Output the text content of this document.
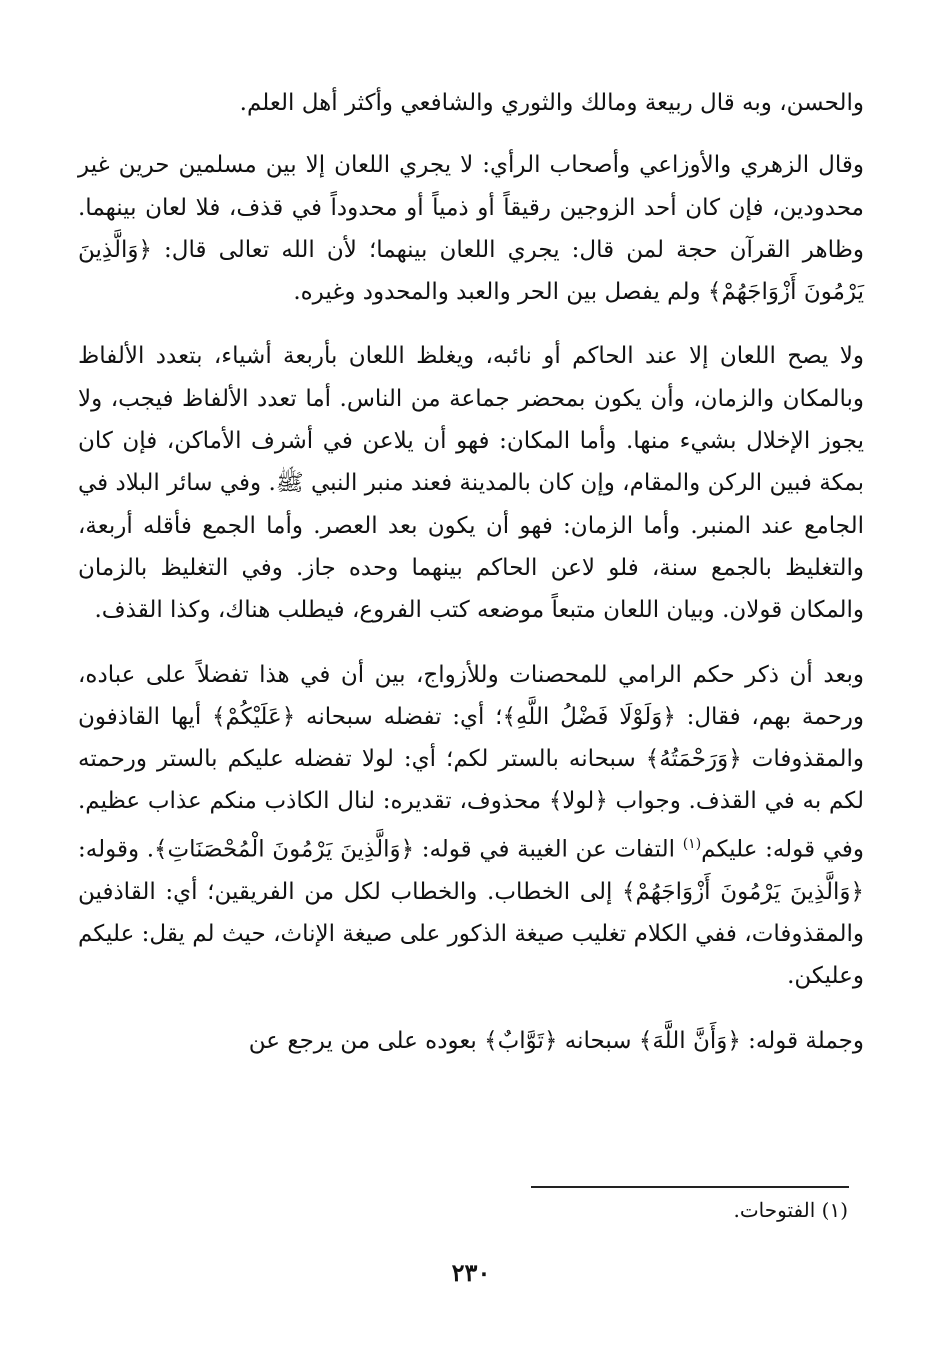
والحسن، وبه قال ربيعة ومالك والثوري والشافعي وأكثر أهل العلم.

وقال الزهري والأوزاعي وأصحاب الرأي: لا يجري اللعان إلا بين مسلمين حرين غير محدودين، فإن كان أحد الزوجين رقيقاً أو ذمياً أو محدوداً في قذف، فلا لعان بينهما. وظاهر القرآن حجة لمن قال: يجري اللعان بينهما؛ لأن الله تعالى قال: ﴿وَالَّذِينَ يَرْمُونَ أَزْوَاجَهُمْ﴾ ولم يفصل بين الحر والعبد والمحدود وغيره.

ولا يصح اللعان إلا عند الحاكم أو نائبه، ويغلظ اللعان بأربعة أشياء، بتعدد الألفاظ وبالمكان والزمان، وأن يكون بمحضر جماعة من الناس. أما تعدد الألفاظ فيجب، ولا يجوز الإخلال بشيء منها. وأما المكان: فهو أن يلاعن في أشرف الأماكن، فإن كان بمكة فبين الركن والمقام، وإن كان بالمدينة فعند منبر النبي ﷺ. وفي سائر البلاد في الجامع عند المنبر. وأما الزمان: فهو أن يكون بعد العصر. وأما الجمع فأقله أربعة، والتغليظ بالجمع سنة، فلو لاعن الحاكم بينهما وحده جاز. وفي التغليظ بالزمان والمكان قولان. وبيان اللعان متبعاً موضعه كتب الفروع، فيطلب هناك، وكذا القذف.

وبعد أن ذكر حكم الرامي للمحصنات وللأزواج، بين أن في هذا تفضلاً على عباده، ورحمة بهم، فقال: ﴿وَلَوْلَا فَضْلُ اللَّهِ﴾؛ أي: تفضله سبحانه ﴿عَلَيْكُمْ﴾ أيها القاذفون والمقذوفات ﴿وَرَحْمَتُهُ﴾ سبحانه بالستر لكم؛ أي: لولا تفضله عليكم بالستر ورحمته لكم به في القذف. وجواب ﴿لولا﴾ محذوف، تقديره: لنال الكاذب منكم عذاب عظيم. وفي قوله: عليكم$^{(١)}$ التفات عن الغيبة في قوله: ﴿وَالَّذِينَ يَرْمُونَ الْمُحْصَنَاتِ﴾. وقوله: ﴿وَالَّذِينَ يَرْمُونَ أَزْوَاجَهُمْ﴾ إلى الخطاب. والخطاب لكل من الفريقين؛ أي: القاذفين والمقذوفات، ففي الكلام تغليب صيغة الذكور على صيغة الإناث، حيث لم يقل: عليكم وعليكن.

وجملة قوله: ﴿وَأَنَّ اللَّهَ﴾ سبحانه ﴿تَوَّابٌ﴾ بعوده على من يرجع عن

(١) الفتوحات.
٢٣٠
